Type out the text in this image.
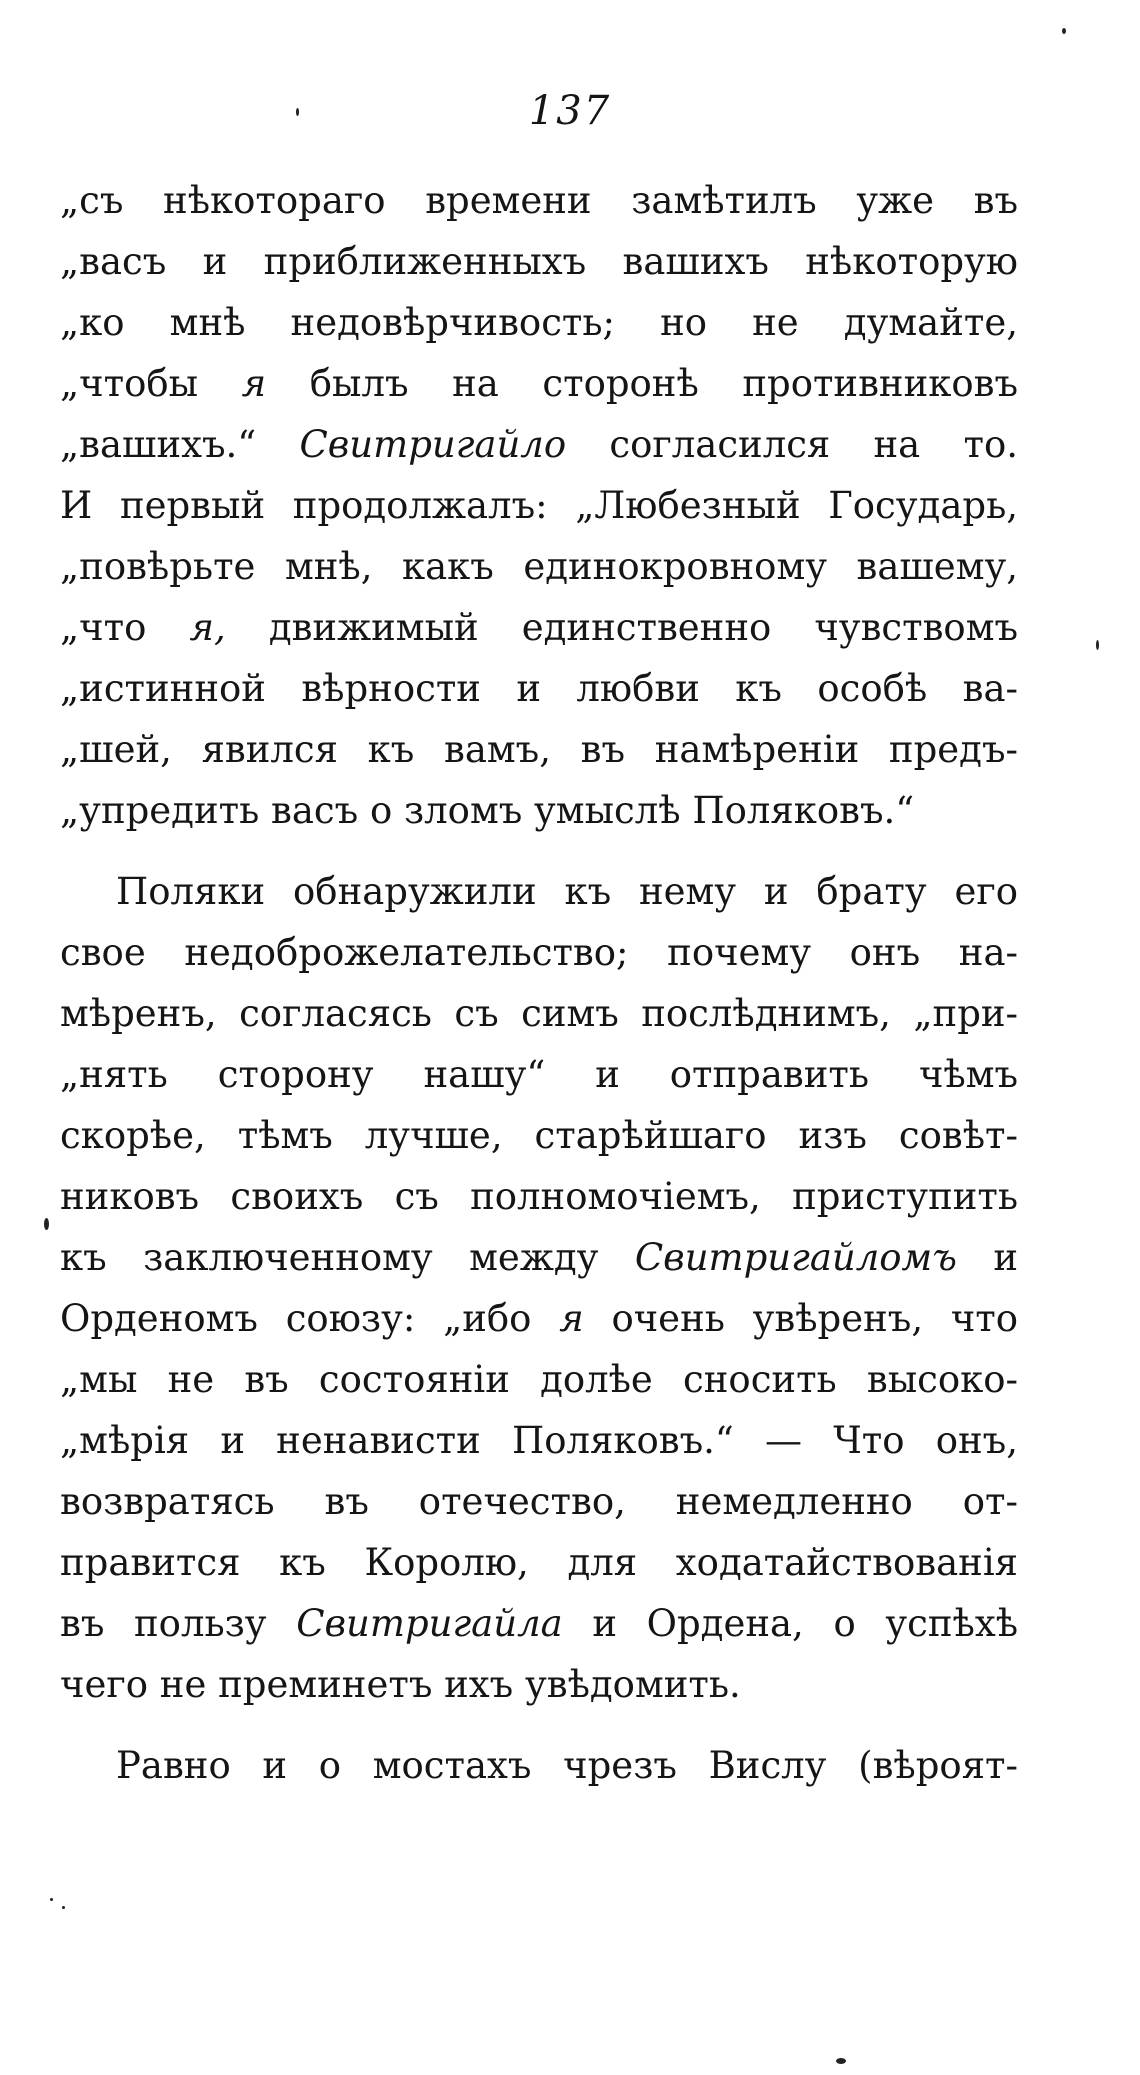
137
„съ нѣкотораго времени замѣтилъ уже въ
„васъ и приближенныхъ вашихъ нѣкоторую
„ко мнѣ недовѣрчивость; но не думайте,
„чтобы я былъ на сторонѣ противниковъ
„вашихъ.“ Свитригайло согласился на то.
И первый продолжалъ: „Любезный Государь,
„повѣрьте мнѣ, какъ единокровному вашему,
„что я, движимый единственно чувствомъ
„истинной вѣрности и любви къ особѣ ва-
„шей, явился къ вамъ, въ намѣреніи предъ-
„упредить васъ о зломъ умыслѣ Поляковъ.“
Поляки обнаружили къ нему и брату его
свое недоброжелательство; почему онъ на-
мѣренъ, согласясь съ симъ послѣднимъ, „при-
„нять сторону нашу“ и отправить чѣмъ
скорѣе, тѣмъ лучше, старѣйшаго изъ совѣт-
никовъ своихъ съ полномочіемъ, приступить
къ заключенному между Свитригайломъ и
Орденомъ союзу: „ибо я очень увѣренъ, что
„мы не въ состояніи долѣе сносить высоко-
„мѣрія и ненависти Поляковъ.“ — Что онъ,
возвратясь въ отечество, немедленно от-
правится къ Королю, для ходатайствованія
въ пользу Свитригайла и Ордена, о успѣхѣ
чего не преминетъ ихъ увѣдомить.
Равно и о мостахъ чрезъ Вислу (вѣроят-
